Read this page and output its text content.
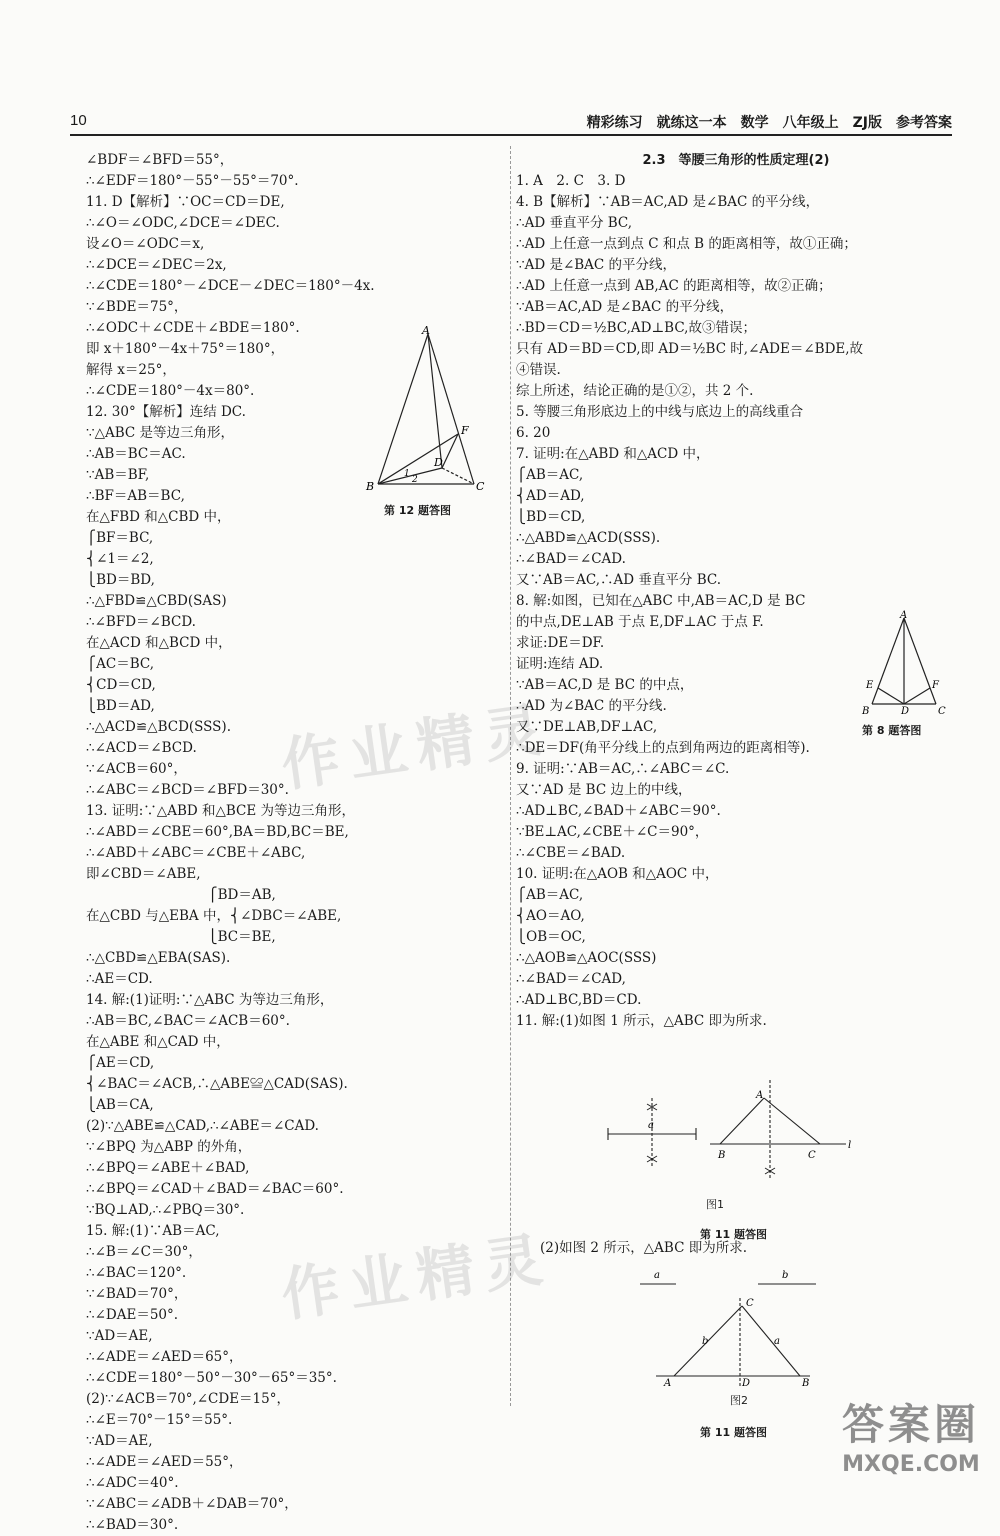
10	精彩练习　就练这一本　数学　八年级上　ZJ版　参考答案
∠BDF＝∠BFD＝55°，
∴∠EDF＝180°－55°－55°＝70°.
11. D【解析】∵OC＝CD＝DE,
∴∠O＝∠ODC,∠DCE＝∠DEC.
设∠O＝∠ODC＝x,
∴∠DCE＝∠DEC＝2x,
∴∠CDE＝180°－∠DCE－∠DEC＝180°－4x.
∵∠BDE＝75°，
∴∠ODC＋∠CDE＋∠BDE＝180°.
即 x＋180°－4x＋75°＝180°，
解得 x＝25°，
∴∠CDE＝180°－4x＝80°.
12. 30°【解析】连结 DC.
∵△ABC 是等边三角形，
∴AB＝BC＝AC.
∵AB＝BF,
∴BF＝AB＝BC,
在△FBD 和△CBD 中，
⎧BF＝BC,
⎨∠1＝∠2,
⎩BD＝BD,
∴△FBD≌△CBD(SAS)
∴∠BFD＝∠BCD.
在△ACD 和△BCD 中，
⎧AC＝BC,
⎨CD＝CD,
⎩BD＝AD,
∴△ACD≌△BCD(SSS).
∴∠ACD＝∠BCD.
∵∠ACB＝60°，
∴∠ABC＝∠BCD＝∠BFD＝30°.
13. 证明:∵△ABD 和△BCE 为等边三角形，
∴∠ABD＝∠CBE＝60°,BA＝BD,BC＝BE,
∴∠ABD＋∠ABC＝∠CBE＋∠ABC,
即∠CBD＝∠ABE,
　　　　　　　　　⎧BD＝AB,
在△CBD 与△EBA 中，⎨∠DBC＝∠ABE,
　　　　　　　　　⎩BC＝BE,
∴△CBD≌△EBA(SAS).
∴AE＝CD.
14. 解:(1)证明:∵△ABC 为等边三角形，
∴AB＝BC,∠BAC＝∠ACB＝60°.
在△ABE 和△CAD 中，
⎧AE＝CD,
⎨∠BAC＝∠ACB,∴△ABE≌△CAD(SAS).
⎩AB＝CA,
(2)∵△ABE≌△CAD,∴∠ABE＝∠CAD.
∵∠BPQ 为△ABP 的外角，
∴∠BPQ＝∠ABE＋∠BAD,
∴∠BPQ＝∠CAD＋∠BAD＝∠BAC＝60°.
∵BQ⊥AD,∴∠PBQ＝30°.
15. 解:(1)∵AB＝AC,
∴∠B＝∠C＝30°，
∴∠BAC＝120°.
∵∠BAD＝70°，
∴∠DAE＝50°.
∵AD＝AE,
∴∠ADE＝∠AED＝65°，
∴∠CDE＝180°－50°－30°－65°＝35°.
(2)∵∠ACB＝70°,∠CDE＝15°，
∴∠E＝70°－15°＝55°.
∵AD＝AE,
∴∠ADE＝∠AED＝55°，
∴∠ADC＝40°.
∵∠ABC＝∠ADB＋∠DAB＝70°，
∴∠BAD＝30°.
2.3　等腰三角形的性质定理(2)
1. A　2. C　3. D
4. B【解析】∵AB＝AC,AD 是∠BAC 的平分线，
∴AD 垂直平分 BC,
∴AD 上任意一点到点 C 和点 B 的距离相等，故①正确；
∵AD 是∠BAC 的平分线，
∴AD 上任意一点到 AB,AC 的距离相等，故②正确；
∵AB＝AC,AD 是∠BAC 的平分线，
∴BD＝CD＝½BC,AD⊥BC,故③错误；
只有 AD＝BD＝CD,即 AD＝½BC 时,∠ADE＝∠BDE,故
④错误.
综上所述，结论正确的是①②，共 2 个.
5. 等腰三角形底边上的中线与底边上的高线重合
6. 20
7. 证明:在△ABD 和△ACD 中，
⎧AB＝AC,
⎨AD＝AD,
⎩BD＝CD,
∴△ABD≌△ACD(SSS).
∴∠BAD＝∠CAD.
又∵AB＝AC,∴AD 垂直平分 BC.
8. 解:如图，已知在△ABC 中,AB＝AC,D 是 BC
的中点,DE⊥AB 于点 E,DF⊥AC 于点 F.
求证:DE＝DF.
证明:连结 AD.
∵AB＝AC,D 是 BC 的中点，
∴AD 为∠BAC 的平分线.
又∵DE⊥AB,DF⊥AC,
∴DE＝DF(角平分线上的点到角两边的距离相等).
9. 证明:∵AB＝AC,∴∠ABC＝∠C.
又∵AD 是 BC 边上的中线，
∴AD⊥BC,∠BAD＋∠ABC＝90°.
∵BE⊥AC,∠CBE＋∠C＝90°，
∴∠CBE＝∠BAD.
10. 证明:在△AOB 和△AOC 中，
⎧AB＝AC,
⎨AO＝AO,
⎩OB＝OC,
∴△AOB≌△AOC(SSS)
∴∠BAD＝∠CAD,
∴AD⊥BC,BD＝CD.
11. 解:(1)如图 1 所示，△ABC 即为所求.
A
B	C
D
F
1
2
第 12 题答图
A
B	C
D
E	F
第 8 题答图
a
A
B	C
l
图1
第 11 题答图
a	b
C
A	B
D
b	a
图2
(2)如图 2 所示，△ABC 即为所求.
第 11 题答图
作业精灵
作业精灵
答案圈
MXQE.COM
